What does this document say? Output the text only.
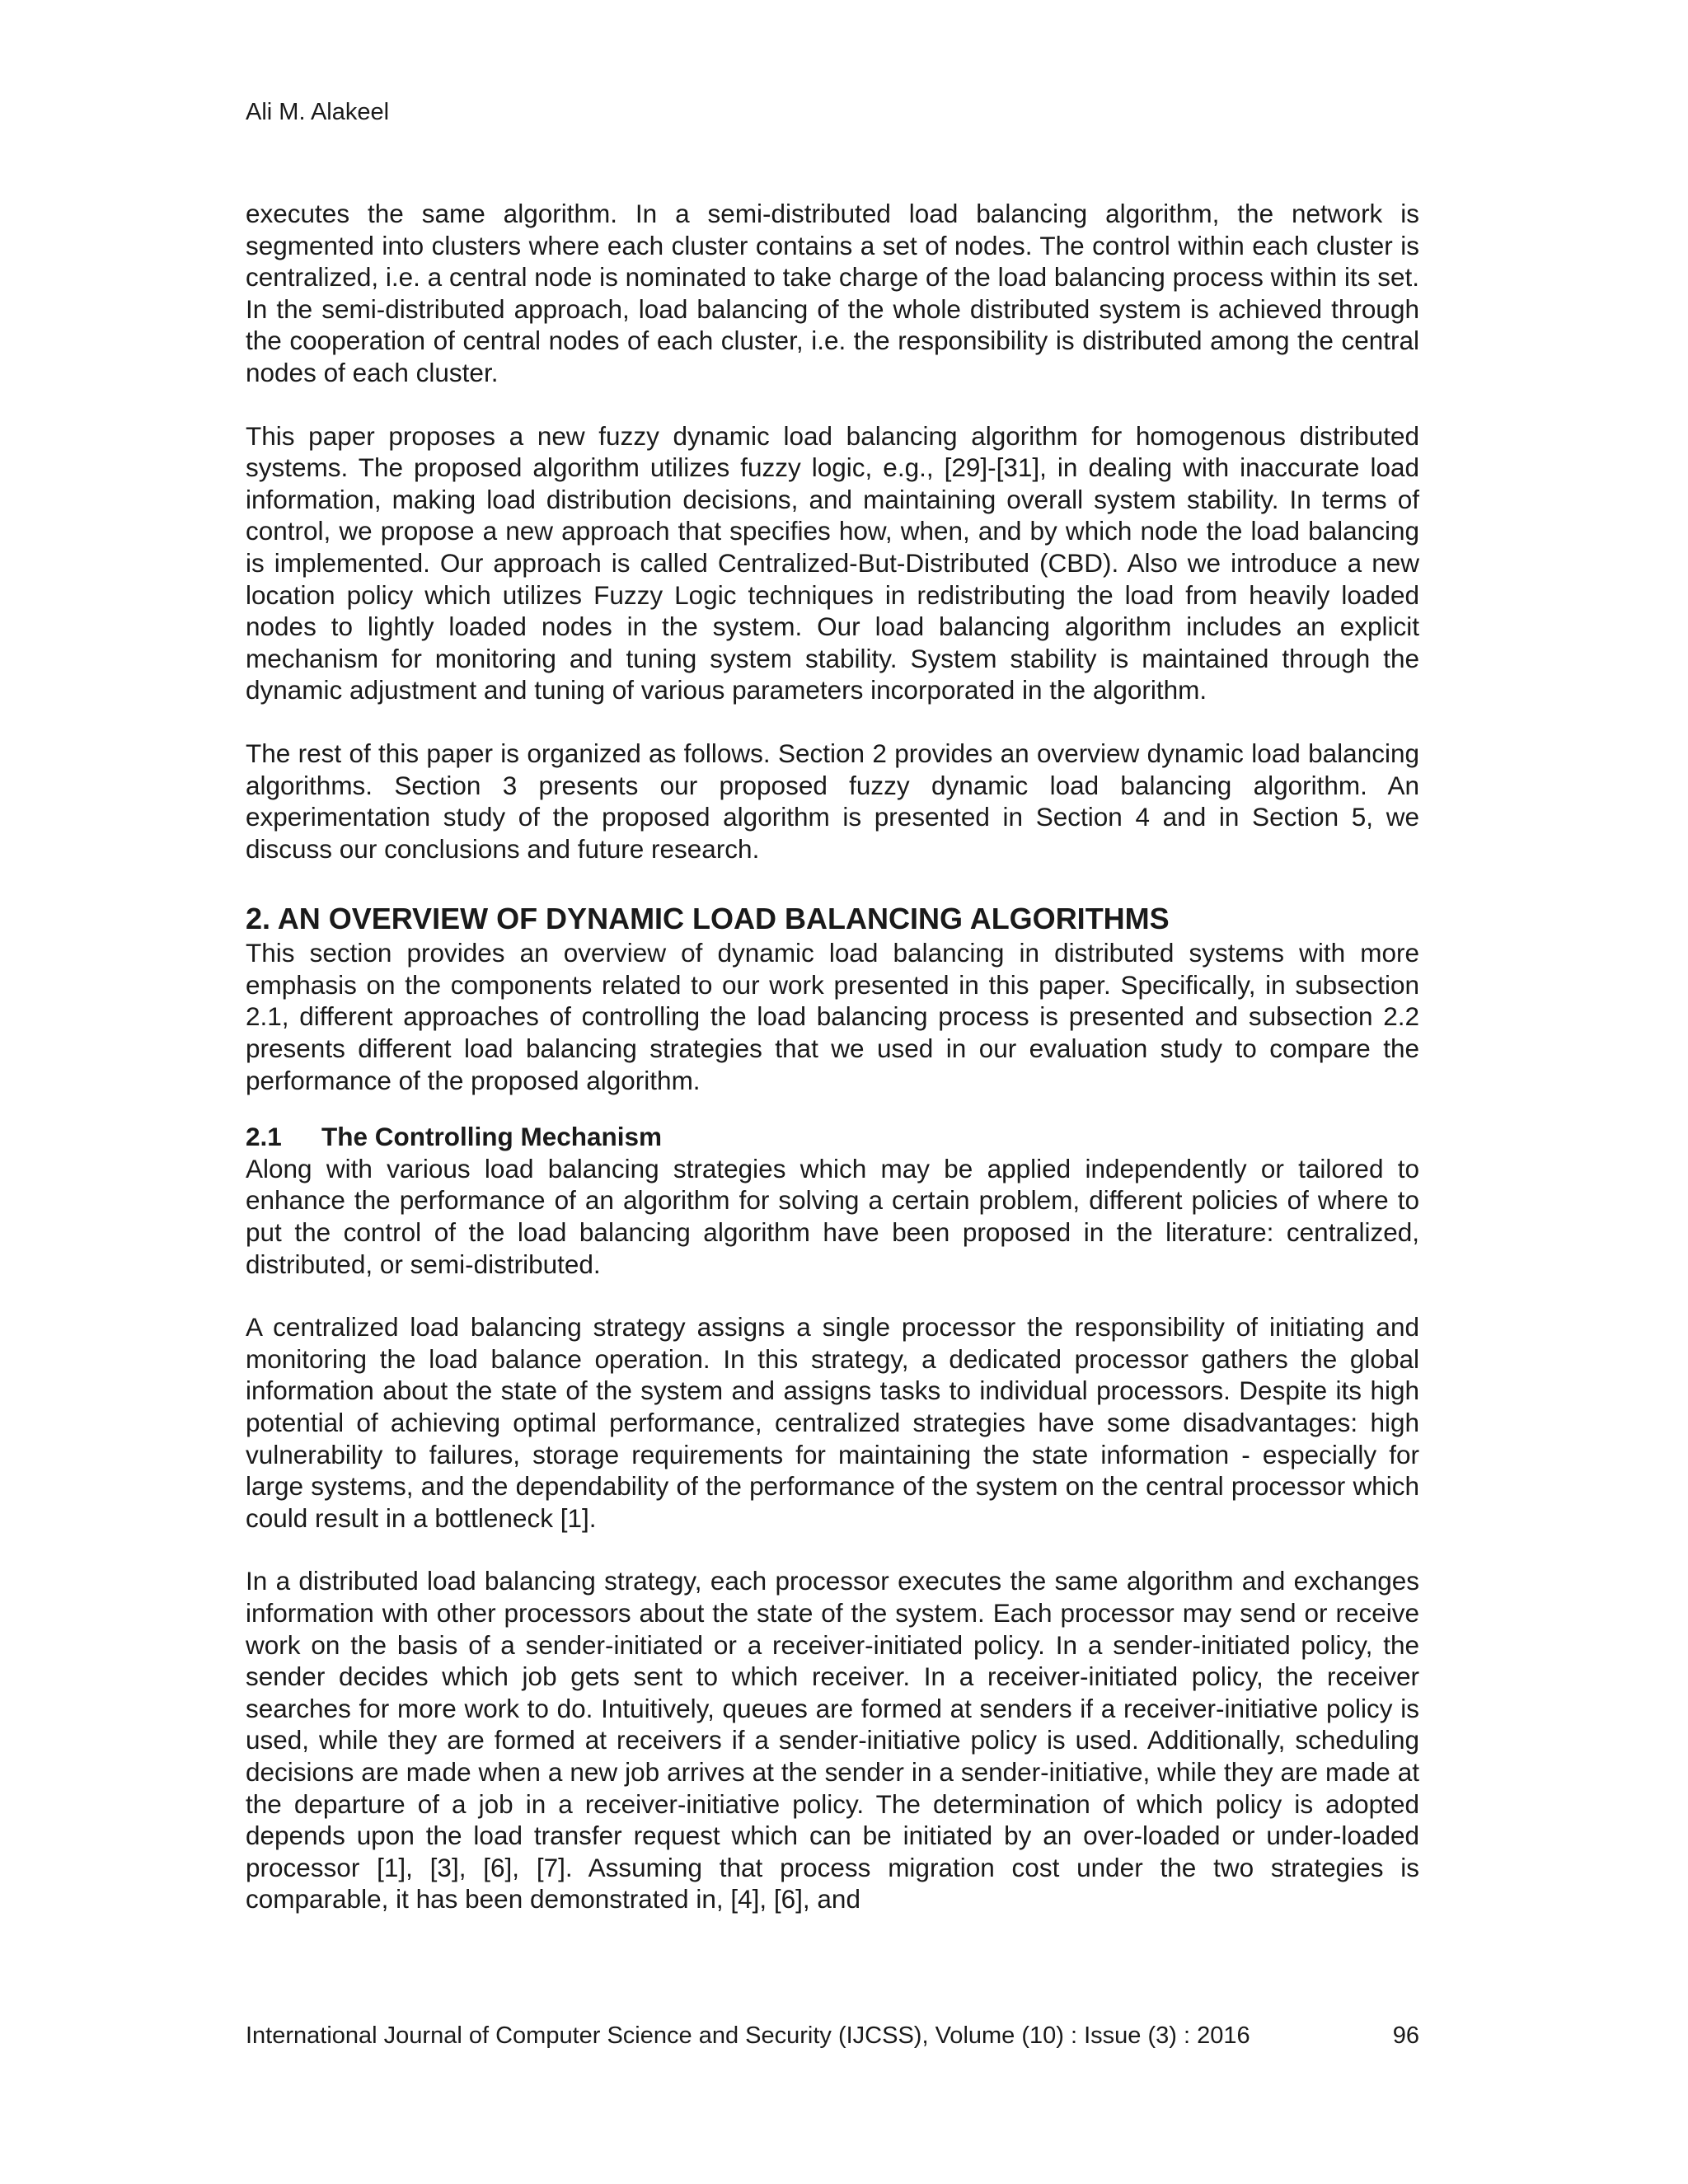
Ali M. Alakeel

executes the same algorithm. In a semi-distributed load balancing algorithm, the network is segmented into clusters where each cluster contains a set of nodes. The control within each cluster is centralized, i.e. a central node is nominated to take charge of the load balancing process within its set. In the semi-distributed approach, load balancing of the whole distributed system is achieved through the cooperation of central nodes of each cluster, i.e. the responsibility is distributed among the central nodes of each cluster.

This paper proposes a new fuzzy dynamic load balancing algorithm for homogenous distributed systems. The proposed algorithm utilizes fuzzy logic, e.g., [29]-[31], in dealing with inaccurate load information, making load distribution decisions, and maintaining overall system stability. In terms of control, we propose a new approach that specifies how, when, and by which node the load balancing is implemented. Our approach is called Centralized-But-Distributed (CBD). Also we introduce a new location policy which utilizes Fuzzy Logic techniques in redistributing the load from heavily loaded nodes to lightly loaded nodes in the system. Our load balancing algorithm includes an explicit mechanism for monitoring and tuning system stability. System stability is maintained through the dynamic adjustment and tuning of various parameters incorporated in the algorithm.

The rest of this paper is organized as follows. Section 2 provides an overview dynamic load balancing algorithms. Section 3 presents our proposed fuzzy dynamic load balancing algorithm. An experimentation study of the proposed algorithm is presented in Section 4 and in Section 5, we discuss our conclusions and future research.

2. AN OVERVIEW OF DYNAMIC LOAD BALANCING ALGORITHMS

This section provides an overview of dynamic load balancing in distributed systems with more emphasis on the components related to our work presented in this paper. Specifically, in subsection 2.1, different approaches of controlling the load balancing process is presented and subsection 2.2 presents different load balancing strategies that we used in our evaluation study to compare the performance of the proposed algorithm.

2.1	The Controlling Mechanism

Along with various load balancing strategies which may be applied independently or tailored to enhance the performance of an algorithm for solving a certain problem, different policies of where to put the control of the load balancing algorithm have been proposed in the literature: centralized, distributed, or semi-distributed.

A centralized load balancing strategy assigns a single processor the responsibility of initiating and monitoring the load balance operation. In this strategy, a dedicated processor gathers the global information about the state of the system and assigns tasks to individual processors. Despite its high potential of achieving optimal performance, centralized strategies have some disadvantages: high vulnerability to failures, storage requirements for maintaining the state information - especially for large systems, and the dependability of the performance of the system on the central processor which could result in a bottleneck [1].

In a distributed load balancing strategy, each processor executes the same algorithm and exchanges information with other processors about the state of the system. Each processor may send or receive work on the basis of a sender-initiated or a receiver-initiated policy. In a sender-initiated policy, the sender decides which job gets sent to which receiver. In a receiver-initiated policy, the receiver searches for more work to do. Intuitively, queues are formed at senders if a receiver-initiative policy is used, while they are formed at receivers if a sender-initiative policy is used. Additionally, scheduling decisions are made when a new job arrives at the sender in a sender-initiative, while they are made at the departure of a job in a receiver-initiative policy. The determination of which policy is adopted depends upon the load transfer request which can be initiated by an over-loaded or under-loaded processor [1], [3], [6], [7]. Assuming that process migration cost under the two strategies is comparable, it has been demonstrated in, [4], [6], and

International Journal of Computer Science and Security (IJCSS), Volume (10) : Issue (3) : 2016	96
